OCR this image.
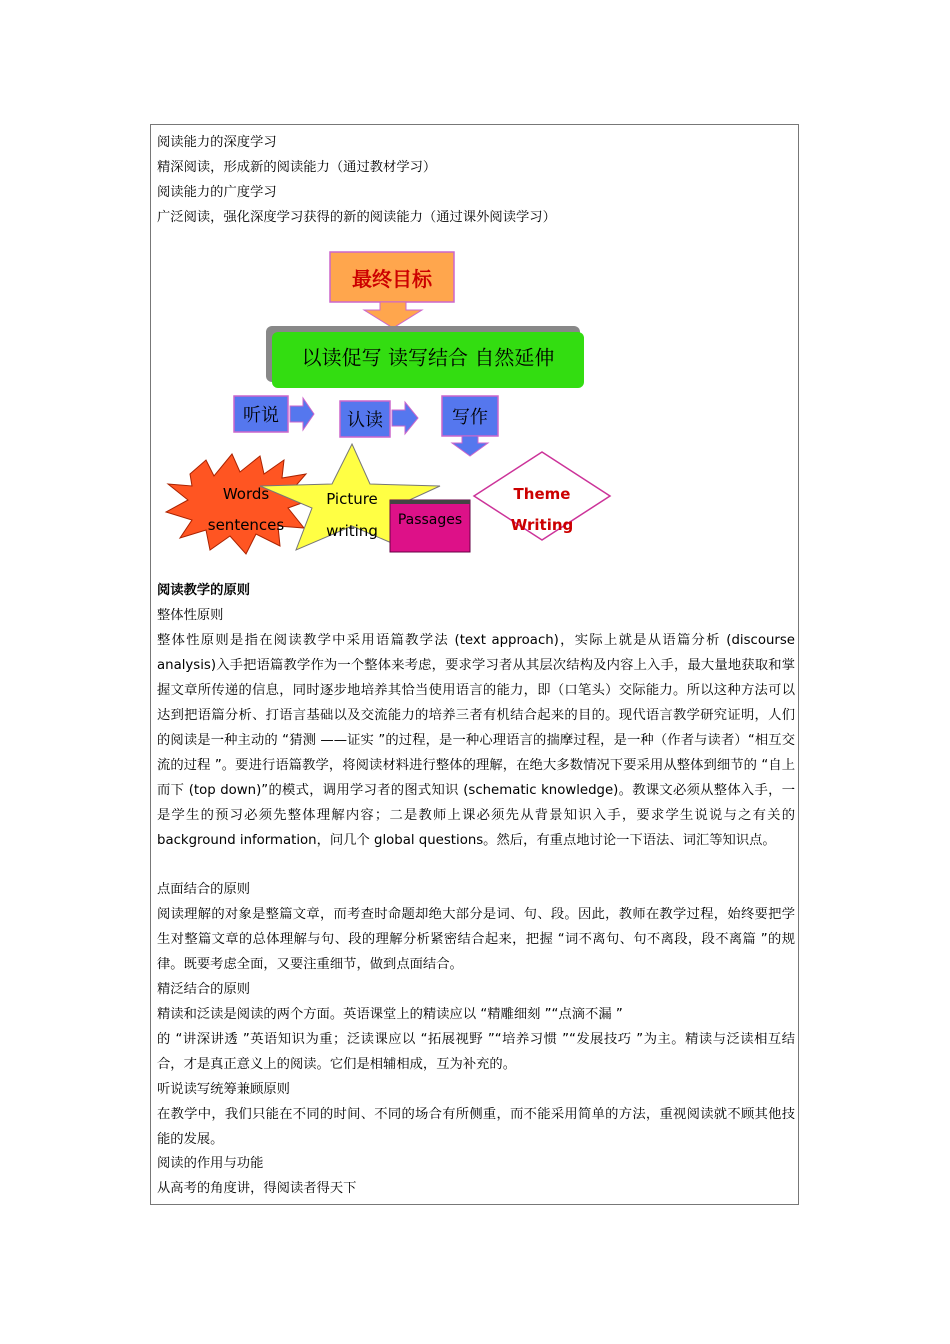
阅读能力的深度学习
精深阅读，形成新的阅读能力（通过教材学习）
阅读能力的广度学习
广泛阅读，强化深度学习获得的新的阅读能力（通过课外阅读学习）
最终目标
以读促写 读写结合 自然延伸
听说	认读	写作
Words
sentences
Picture
writing
Passages
Theme
Writing
阅读教学的原则
整体性原则
整体性原则是指在阅读教学中采用语篇教学法 (text approach)，实际上就是从语篇分析 (discourse analysis)入手把语篇教学作为一个整体来考虑，要求学习者从其层次结构及内容上入手，最大量地获取和掌握文章所传递的信息，同时逐步地培养其恰当使用语言的能力，即（口笔头）交际能力。所以这种方法可以达到把语篇分析、打语言基础以及交流能力的培养三者有机结合起来的目的。现代语言教学研究证明，人们的阅读是一种主动的 “猜测 ——证实 ”的过程，是一种心理语言的揣摩过程，是一种（作者与读者）“相互交流的过程 ”。要进行语篇教学，将阅读材料进行整体的理解，在绝大多数情况下要采用从整体到细节的 “自上而下 (top down)”的模式，调用学习者的图式知识 (schematic knowledge)。教课文必须从整体入手，一是学生的预习必须先整体理解内容；二是教师上课必须先从背景知识入手，要求学生说说与之有关的 background information，问几个 global questions。然后，有重点地讨论一下语法、词汇等知识点。
点面结合的原则
阅读理解的对象是整篇文章，而考查时命题却绝大部分是词、句、段。因此，教师在教学过程，始终要把学生对整篇文章的总体理解与句、段的理解分析紧密结合起来，把握 “词不离句、句不离段，段不离篇 ”的规律。既要考虑全面，又要注重细节，做到点面结合。
精泛结合的原则
精读和泛读是阅读的两个方面。英语课堂上的精读应以 “精雕细刻 ”“点滴不漏 ”
的 “讲深讲透 ”英语知识为重；泛读课应以 “拓展视野 ”“培养习惯 ”“发展技巧 ”为主。精读与泛读相互结合，才是真正意义上的阅读。它们是相辅相成，互为补充的。
听说读写统筹兼顾原则
在教学中，我们只能在不同的时间、不同的场合有所侧重，而不能采用简单的方法，重视阅读就不顾其他技能的发展。
阅读的作用与功能
从高考的角度讲，得阅读者得天下
